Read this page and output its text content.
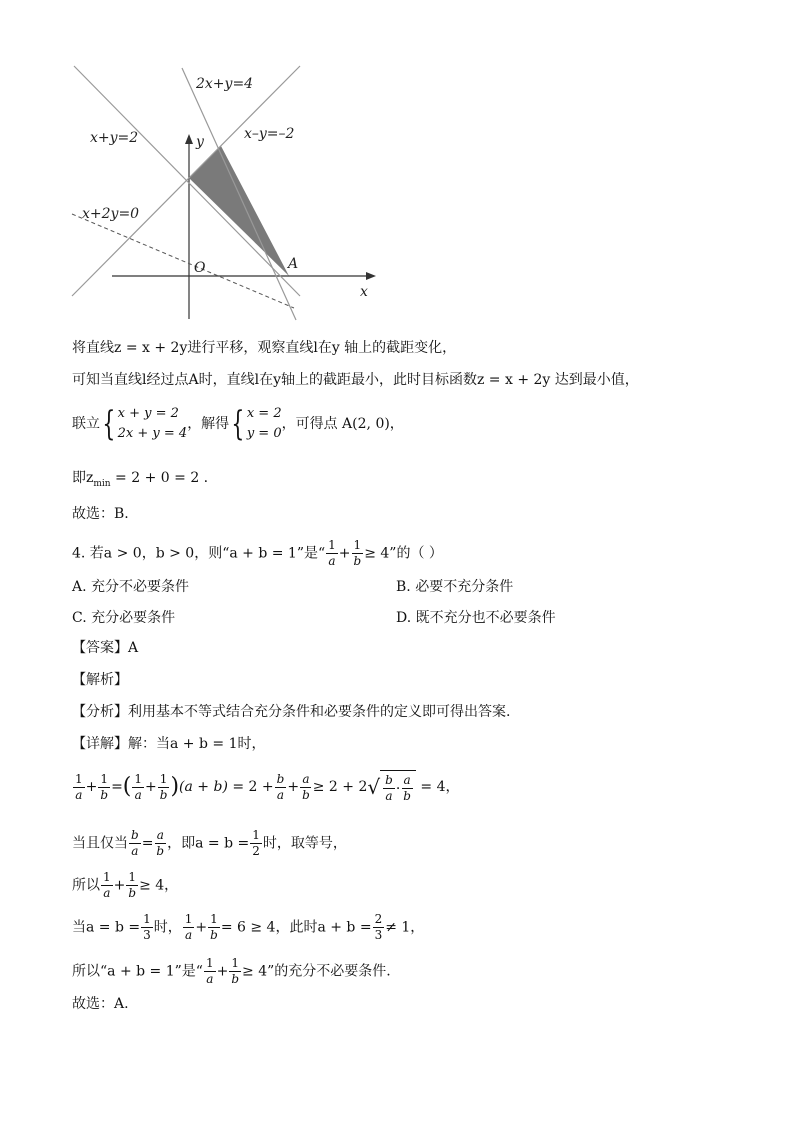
2x+y=4
x+y=2	x–y=–2
x+2y=0
y
x
O	A
将直线z = x + 2y进行平移，观察直线l在y 轴上的截距变化，
可知当直线l经过点A时，直线l在y轴上的截距最小，此时目标函数z = x + 2y 达到最小值，
联立{ x + y = 2
2x + y = 4
，解得{ x = 2
y = 0
，可得点 A(2, 0)，
即$z_{min} = 2 + 0 = 2$ .
故选：B.
4. 若a > 0，b > 0，则“a + b = 1”是“ $\frac{1}{a} + \frac{1}{b} \ge 4$”的（ ）
A. 充分不必要条件	B. 必要不充分条件
C. 充分必要条件	D. 既不充分也不必要条件
【答案】A
【解析】
【分析】利用基本不等式结合充分条件和必要条件的定义即可得出答案.
【详解】解：当a + b = 1时，
$\frac{1}{a} + \frac{1}{b}$ =( $\frac{1}{a} + \frac{1}{b} )(a + b) = 2 + \frac{b}{a} + \frac{a}{b} \ge 2 + 2$ √ $\frac{b}{a} \cdot \frac{a}{b} = 4$，
当且仅当 $\frac{b}{a} = \frac{a}{b}$ ，即$a = b = \frac{1}{2}$ 时，取等号，
所以 $\frac{1}{a} + \frac{1}{b} \ge 4$，
当$a = b = \frac{1}{3}$ 时， $\frac{1}{a} + \frac{1}{b} = 6 \ge 4$，此时$a + b = \frac{2}{3} \ne 1$，
所以“a + b = 1”是“ $\frac{1}{a} + \frac{1}{b} \ge 4$”的充分不必要条件.
故选：A.
